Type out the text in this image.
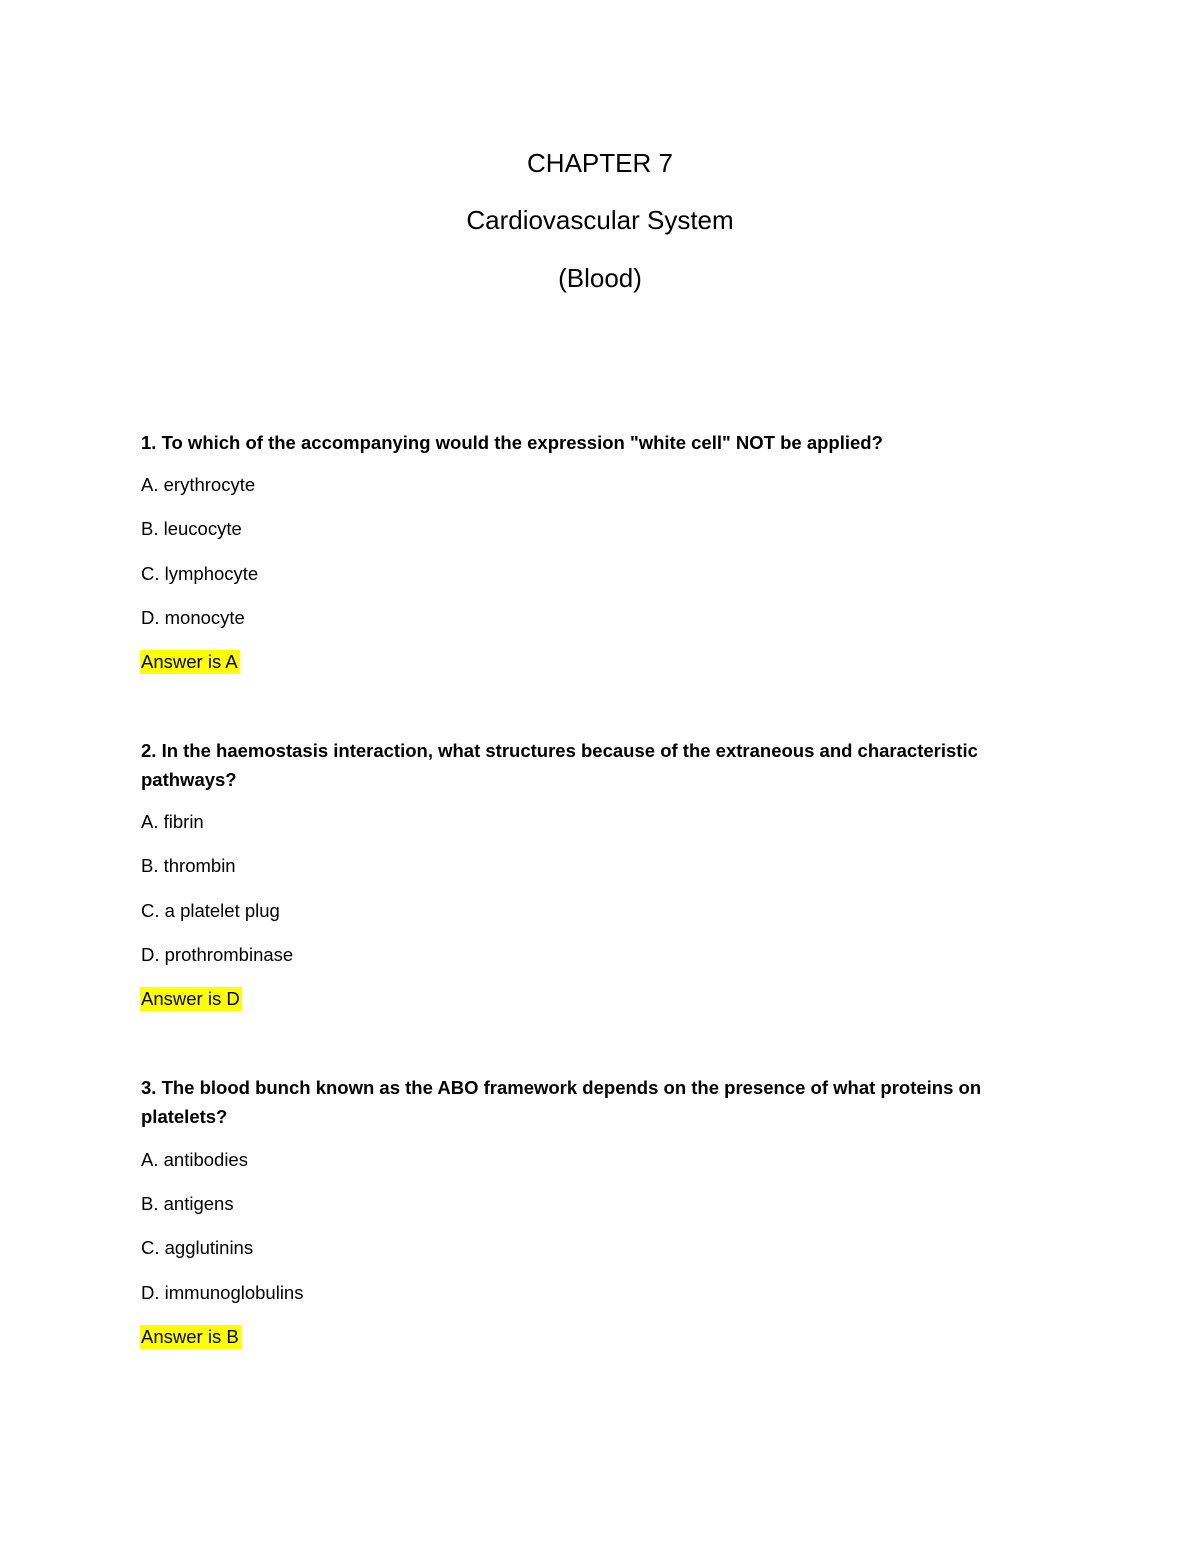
CHAPTER 7
Cardiovascular System
(Blood)
1. To which of the accompanying would the expression "white cell" NOT be applied?
A. erythrocyte
B. leucocyte
C. lymphocyte
D. monocyte
Answer is A
2. In the haemostasis interaction, what structures because of the extraneous and characteristic pathways?
A. fibrin
B. thrombin
C. a platelet plug
D. prothrombinase
Answer is D
3. The blood bunch known as the ABO framework depends on the presence of what proteins on platelets?
A. antibodies
B. antigens
C. agglutinins
D. immunoglobulins
Answer is B
